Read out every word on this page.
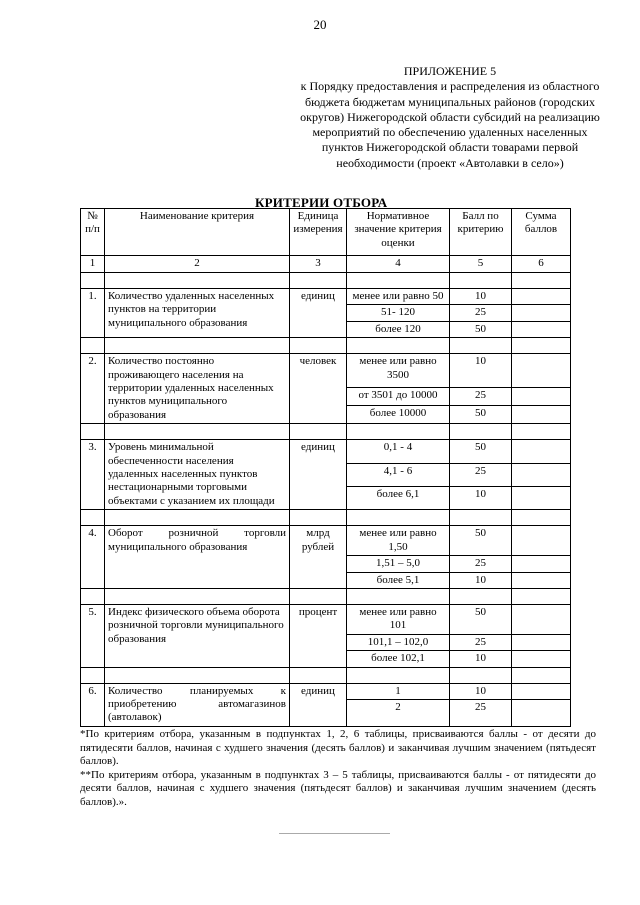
20
ПРИЛОЖЕНИЕ 5
к Порядку предоставления и распределения из областного бюджета бюджетам муниципальных районов (городских округов) Нижегородской области субсидий на реализацию мероприятий по обеспечению удаленных населенных пунктов Нижегородской области товарами первой необходимости (проект «Автолавки в село»)
КРИТЕРИИ ОТБОРА
№ п/п	Наименование критерия	Единица измерения	Нормативное значение критерия оценки	Балл по критерию	Сумма баллов
1	2	3	4	5	6

1.	Количество удаленных населенных пунктов на территории муниципального образования	единиц	менее или равно 50	10	
			51- 120	25	
			более 120	50	

2.	Количество постоянно проживающего населения на территории удаленных населенных пунктов муниципального образования	человек	менее или равно 3500	10	
			от 3501 до 10000	25	
			более 10000	50	

3.	Уровень минимальной обеспеченности населения удаленных населенных пунктов нестационарными торговыми объектами с указанием их площади	единиц	0,1 - 4	50	
			4,1 - 6	25	
			более 6,1	10	

4.	Оборот розничной торговли муниципального образования	млрд рублей	менее или равно 1,50	50	
			1,51 – 5,0	25	
			более 5,1	10	

5.	Индекс физического объема оборота розничной торговли муниципального образования	процент	менее или равно 101	50	
			101,1 – 102,0	25	
			более 102,1	10	

6.	Количество планируемых к приобретению автомагазинов (автолавок)	единиц	1	10	
			2	25	

*По критериям отбора, указанным в подпунктах 1, 2, 6 таблицы, присваиваются баллы - от десяти до пятидесяти баллов, начиная с худшего значения (десять баллов) и заканчивая лучшим значением (пятьдесят баллов).

**По критериям отбора, указанным в подпунктах 3 – 5 таблицы, присваиваются баллы - от пятидесяти до десяти баллов, начиная с худшего значения (пятьдесят баллов) и заканчивая лучшим значением (десять баллов).».
